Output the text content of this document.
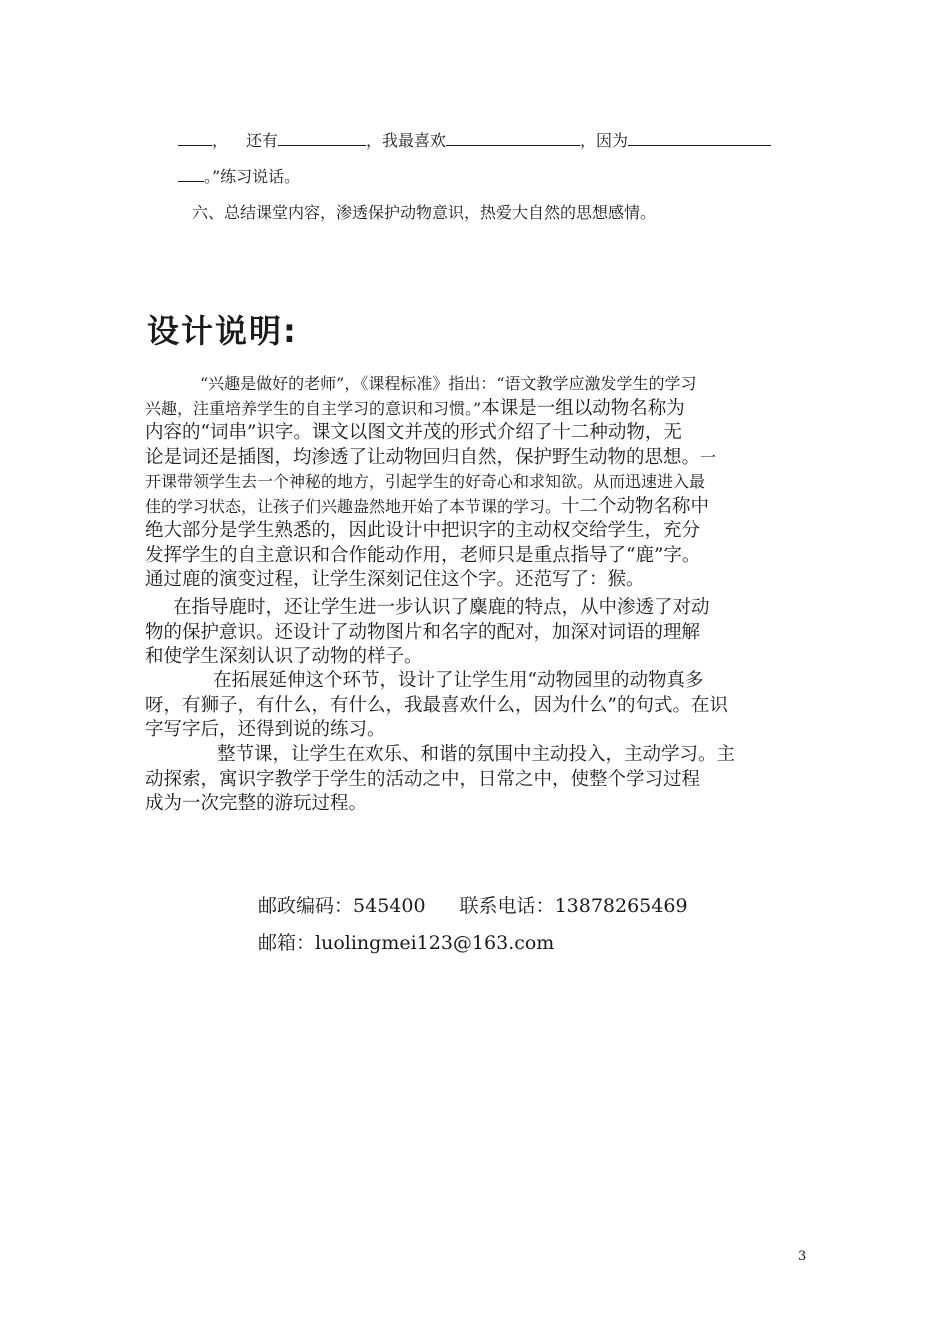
， 还有	，我最喜欢	，因为
。”练习说话。
六、总结课堂内容，渗透保护动物意识，热爱大自然的思想感情。
设计说明:
“兴趣是做好的老师”，《课程标准》指出：“语文教学应激发学生的学习
兴趣，注重培养学生的自主学习的意识和习惯。”本课是一组以动物名称为
内容的“词串”识字。课文以图文并茂的形式介绍了十二种动物，无
论是词还是插图，均渗透了让动物回归自然，保护野生动物的思想。一
开课带领学生去一个神秘的地方，引起学生的好奇心和求知欲。从而迅速进入最
佳的学习状态，让孩子们兴趣盎然地开始了本节课的学习。十二个动物名称中
绝大部分是学生熟悉的，因此设计中把识字的主动权交给学生，充分
发挥学生的自主意识和合作能动作用，老师只是重点指导了“鹿”字。
通过鹿的演变过程，让学生深刻记住这个字。还范写了：猴。
在指导鹿时，还让学生进一步认识了麋鹿的特点，从中渗透了对动
物的保护意识。还设计了动物图片和名字的配对，加深对词语的理解
和使学生深刻认识了动物的样子。
在拓展延伸这个环节，设计了让学生用“动物园里的动物真多
呀，有狮子，有什么，有什么，我最喜欢什么，因为什么”的句式。在识
字写字后，还得到说的练习。
整节课，让学生在欢乐、和谐的氛围中主动投入，主动学习。主
动探索，寓识字教学于学生的活动之中，日常之中，使整个学习过程
成为一次完整的游玩过程。
邮政编码：545400 联系电话：13878265469
邮箱：luolingmei123@163.com
3
